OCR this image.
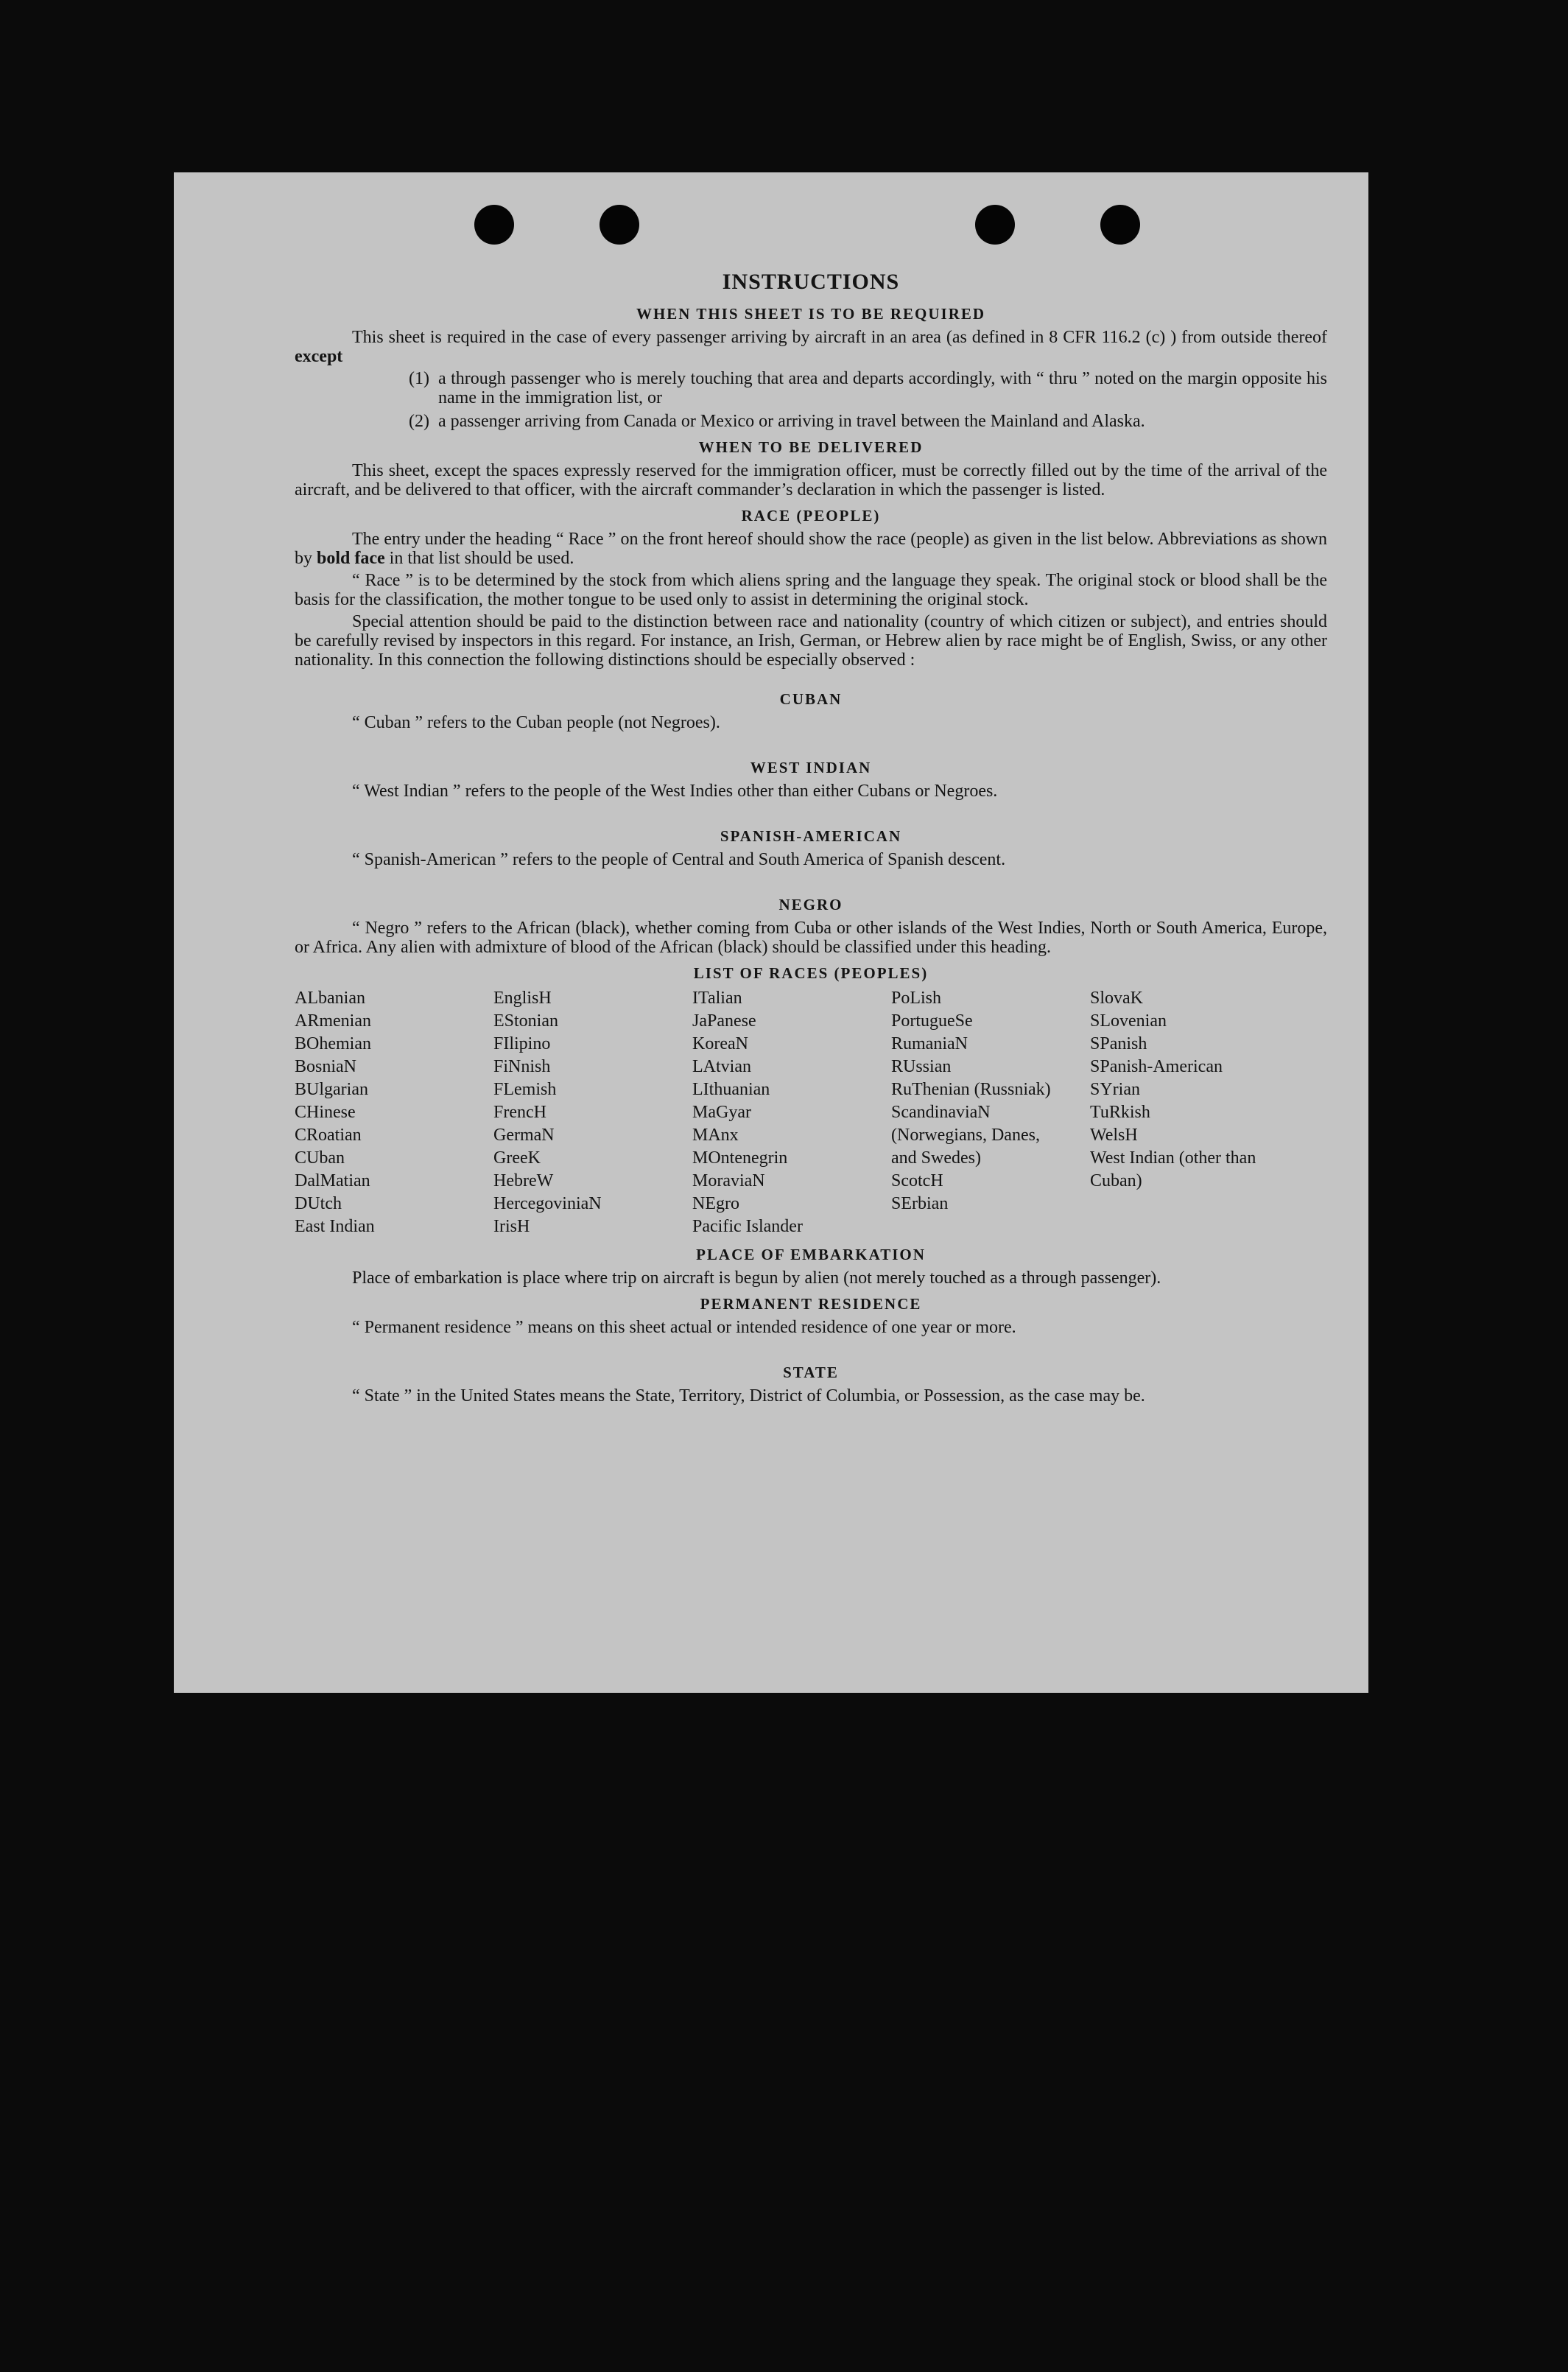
INSTRUCTIONS
WHEN THIS SHEET IS TO BE REQUIRED

This sheet is required in the case of every passenger arriving by aircraft in an area (as defined in 8 CFR 116.2 (c) ) from outside thereof except

(1) a through passenger who is merely touching that area and departs accordingly, with “ thru ” noted on the margin opposite his name in the immigration list, or
(2) a passenger arriving from Canada or Mexico or arriving in travel between the Mainland and Alaska.
WHEN TO BE DELIVERED

This sheet, except the spaces expressly reserved for the immigration officer, must be correctly filled out by the time of the arrival of the aircraft, and be delivered to that officer, with the aircraft commander’s declaration in which the passenger is listed.

RACE (PEOPLE)

The entry under the heading “ Race ” on the front hereof should show the race (people) as given in the list below. Abbreviations as shown by bold face in that list should be used.

“ Race ” is to be determined by the stock from which aliens spring and the language they speak. The original stock or blood shall be the basis for the classification, the mother tongue to be used only to assist in determining the original stock.

Special attention should be paid to the distinction between race and nationality (country of which citizen or subject), and entries should be carefully revised by inspectors in this regard. For instance, an Irish, German, or Hebrew alien by race might be of English, Swiss, or any other nationality. In this connection the following distinctions should be especially observed :

CUBAN

“ Cuban ” refers to the Cuban people (not Negroes).

WEST INDIAN

“ West Indian ” refers to the people of the West Indies other than either Cubans or Negroes.

SPANISH-AMERICAN

“ Spanish-American ” refers to the people of Central and South America of Spanish descent.

NEGRO

“ Negro ” refers to the African (black), whether coming from Cuba or other islands of the West Indies, North or South America, Europe, or Africa. Any alien with admixture of blood of the African (black) should be classified under this heading.

LIST OF RACES (PEOPLES)
ALbanian
ARmenian
BOhemian
BosniaN
BUlgarian
CHinese
CRoatian
CUban
DalMatian
DUtch
East Indian
EnglisH
EStonian
FIlipino
FiNnish
FLemish
FrencH
GermaN
GreeK
HebreW
HercegoviniaN
IrisH
ITalian
JaPanese
KoreaN
LAtvian
LIthuanian
MaGyar
MAnx
MOntenegrin
MoraviaN
NEgro
Pacific Islander
PoLish
PortugueSe
RumaniaN
RUssian
RuThenian (Russniak)
ScandinaviaN (Norwegians, Danes, and Swedes)
ScotcH
SErbian
SlovaK
SLovenian
SPanish
SPanish-American
SYrian
TuRkish
WelsH
West Indian (other than Cuban)
PLACE OF EMBARKATION

Place of embarkation is place where trip on aircraft is begun by alien (not merely touched as a through passenger).

PERMANENT RESIDENCE

“ Permanent residence ” means on this sheet actual or intended residence of one year or more.

STATE

“ State ” in the United States means the State, Territory, District of Columbia, or Possession, as the case may be.
